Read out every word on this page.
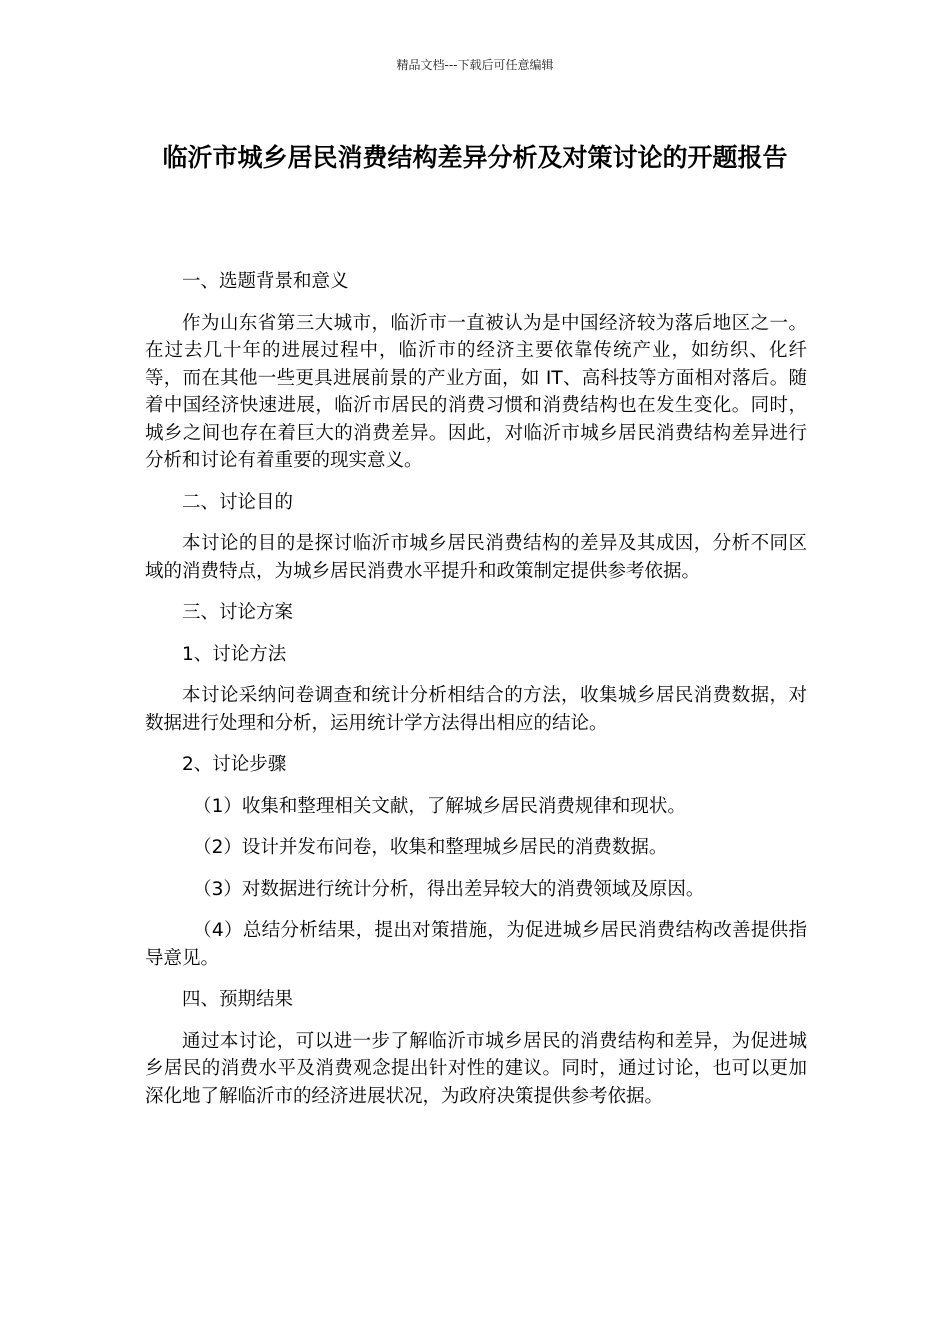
精品文档---下载后可任意编辑
临沂市城乡居民消费结构差异分析及对策讨论的开题报告

一、选题背景和意义

作为山东省第三大城市，临沂市一直被认为是中国经济较为落后地区之一。在过去几十年的进展过程中，临沂市的经济主要依靠传统产业，如纺织、化纤等，而在其他一些更具进展前景的产业方面，如 IT、高科技等方面相对落后。随着中国经济快速进展，临沂市居民的消费习惯和消费结构也在发生变化。同时，城乡之间也存在着巨大的消费差异。因此，对临沂市城乡居民消费结构差异进行分析和讨论有着重要的现实意义。

二、讨论目的

本讨论的目的是探讨临沂市城乡居民消费结构的差异及其成因，分析不同区域的消费特点，为城乡居民消费水平提升和政策制定提供参考依据。

三、讨论方案

1、讨论方法

本讨论采纳问卷调查和统计分析相结合的方法，收集城乡居民消费数据，对数据进行处理和分析，运用统计学方法得出相应的结论。

2、讨论步骤

（1）收集和整理相关文献，了解城乡居民消费规律和现状。

（2）设计并发布问卷，收集和整理城乡居民的消费数据。

（3）对数据进行统计分析，得出差异较大的消费领域及原因。

（4）总结分析结果，提出对策措施，为促进城乡居民消费结构改善提供指导意见。

四、预期结果

通过本讨论，可以进一步了解临沂市城乡居民的消费结构和差异，为促进城乡居民的消费水平及消费观念提出针对性的建议。同时，通过讨论，也可以更加深化地了解临沂市的经济进展状况，为政府决策提供参考依据。
